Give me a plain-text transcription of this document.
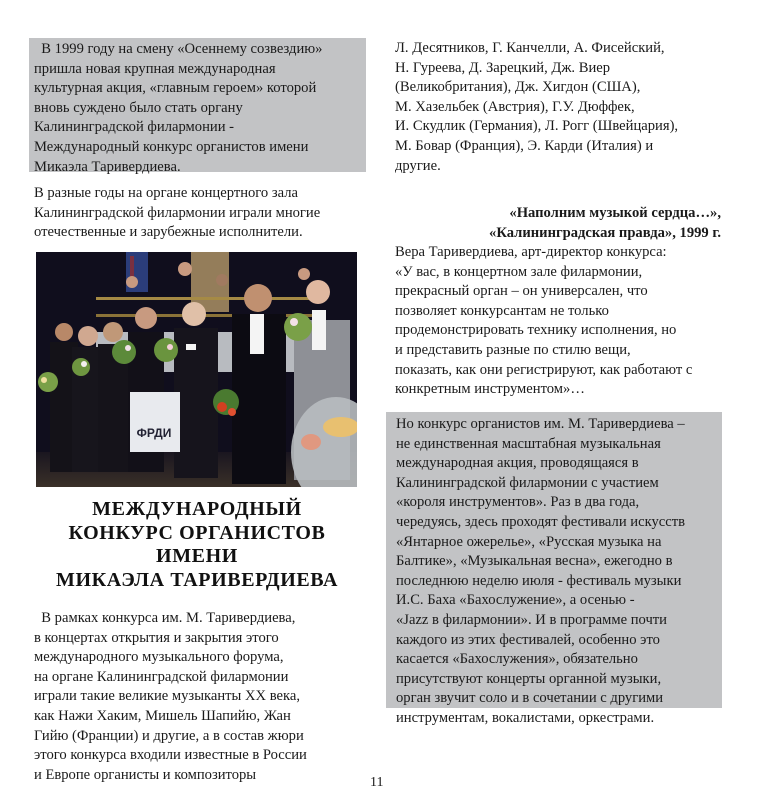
В 1999 году на смену «Осеннему созвездию»
пришла новая крупная международная
культурная акция, «главным героем» которой
вновь суждено было стать органу
Калининградской филармонии -
Международный конкурс органистов имени
Микаэла Таривердиева.
В разные годы на органе концертного зала
Калининградской филармонии играли многие
отечественные и зарубежные исполнители.
ФРДИ
МЕЖДУНАРОДНЫЙ
КОНКУРС ОРГАНИСТОВ
ИМЕНИ
МИКАЭЛА ТАРИВЕРДИЕВА
В рамках конкурса им. М. Таривердиева,
в концертах открытия и закрытия этого
международного музыкального форума,
на органе Калининградской филармонии
играли такие великие музыканты XX века,
как Нажи Хаким, Мишель Шапийю, Жан
Гийю (Франции) и другие, а в состав жюри
этого конкурса входили известные в России
и Европе органисты и композиторы
Л. Десятников, Г. Канчелли, А. Фисейский,
Н. Гуреева, Д. Зарецкий, Дж. Виер
(Великобритания), Дж. Хигдон (США),
М. Хазельбек (Австрия), Г.У. Дюффек,
И. Скудлик (Германия), Л. Рогг (Швейцария),
М. Бовар (Франция), Э. Карди (Италия) и
другие.
«Наполним музыкой сердца…»,
«Калининградская правда», 1999 г.
Вера Таривердиева, арт-директор конкурса:
«У вас, в концертном зале филармонии,
прекрасный орган – он универсален, что
позволяет конкурсантам не только
продемонстрировать технику исполнения, но
и представить разные по стилю вещи,
показать, как они регистрируют, как работают с
конкретным инструментом»…
Но конкурс органистов им. М. Таривердиева –
не единственная масштабная музыкальная
международная акция, проводящаяся в
Калининградской филармонии с участием
«короля инструментов». Раз в два года,
чередуясь, здесь проходят фестивали искусств
«Янтарное ожерелье», «Русская музыка на
Балтике», «Музыкальная весна», ежегодно в
последнюю неделю июля - фестиваль музыки
И.С. Баха «Бахослужение», а осенью -
«Jazz в филармонии». И в программе почти
каждого из этих фестивалей, особенно это
касается «Бахослужения», обязательно
присутствуют концерты органной музыки,
орган звучит соло и в сочетании с другими
инструментам, вокалистами, оркестрами.
11
